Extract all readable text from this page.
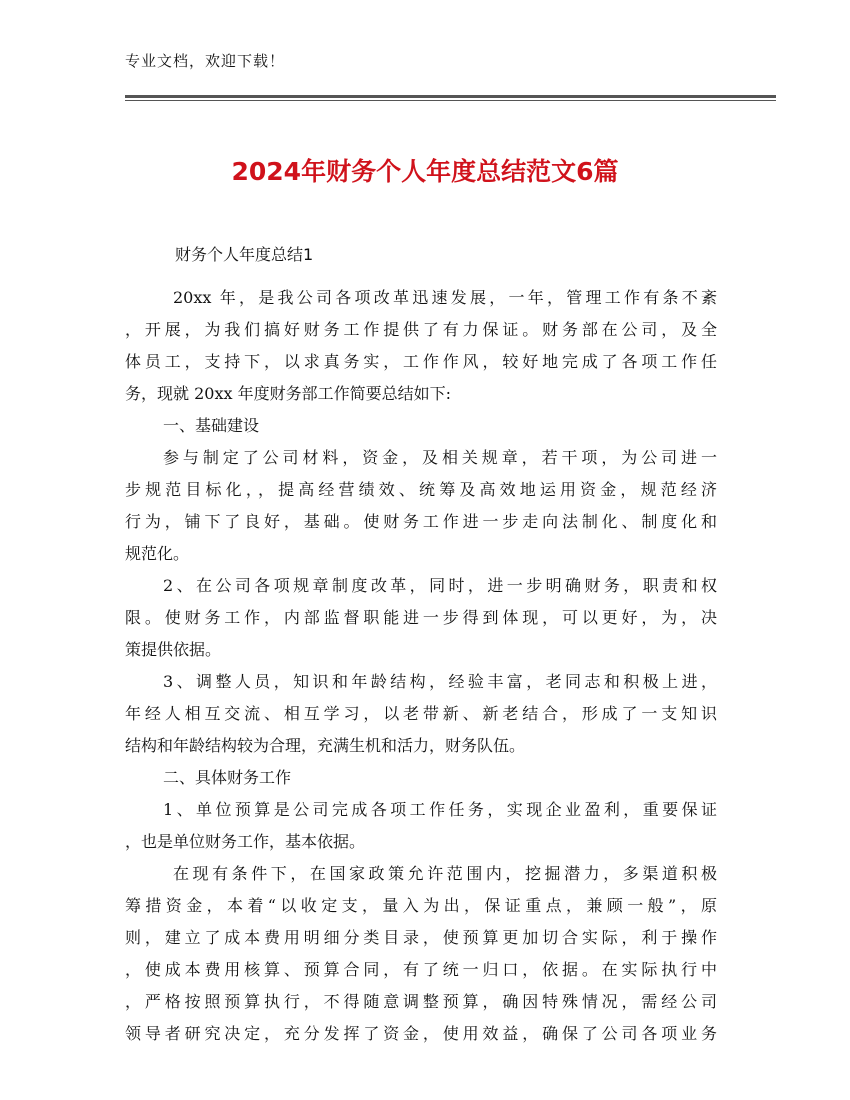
专业文档，欢迎下载！
2024年财务个人年度总结范文6篇
财务个人年度总结1
20xx 年，是我公司各项改革迅速发展，一年，管理工作有条不紊
，开展，为我们搞好财务工作提供了有力保证。财务部在公司，及全
体员工，支持下，以求真务实，工作作风，较好地完成了各项工作任
务，现就 20xx 年度财务部工作简要总结如下:
一、基础建设
参与制定了公司材料，资金，及相关规章，若干项，为公司进一
步规范目标化，，提高经营绩效、统筹及高效地运用资金，规范经济
行为，铺下了良好，基础。使财务工作进一步走向法制化、制度化和
规范化。
2、在公司各项规章制度改革，同时，进一步明确财务，职责和权
限。使财务工作，内部监督职能进一步得到体现，可以更好，为，决
策提供依据。
3、调整人员，知识和年龄结构，经验丰富，老同志和积极上进，
年经人相互交流、相互学习，以老带新、新老结合，形成了一支知识
结构和年龄结构较为合理，充满生机和活力，财务队伍。
二、具体财务工作
1、单位预算是公司完成各项工作任务，实现企业盈利，重要保证
，也是单位财务工作，基本依据。
在现有条件下，在国家政策允许范围内，挖掘潜力，多渠道积极
筹措资金，本着“以收定支，量入为出，保证重点，兼顾一般”，原
则，建立了成本费用明细分类目录，使预算更加切合实际，利于操作
，使成本费用核算、预算合同，有了统一归口，依据。在实际执行中
，严格按照预算执行，不得随意调整预算，确因特殊情况，需经公司
领导者研究决定，充分发挥了资金，使用效益，确保了公司各项业务
